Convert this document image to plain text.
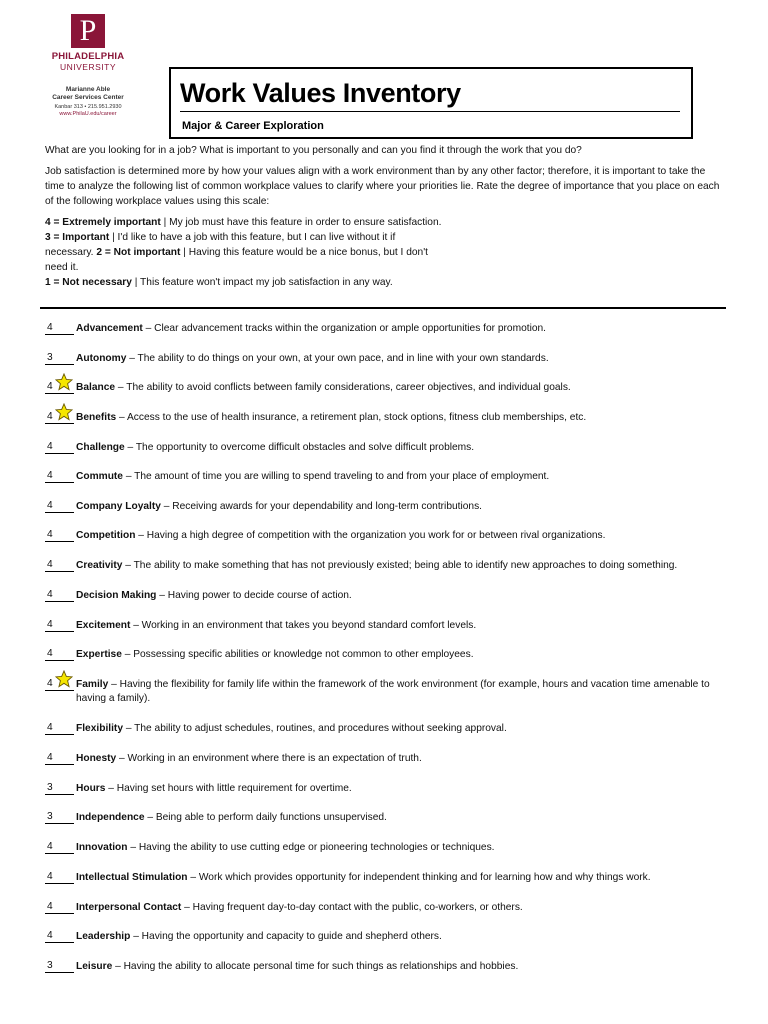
P
PHILADELPHIA
UNIVERSITY
Marianne Able
Career Services Center
Kanbar 313 • 215.951.2930
www.PhilaU.edu/career
Work Values Inventory
Major & Career Exploration

What are you looking for in a job? What is important to you personally and can you find it through the work that you do?

Job satisfaction is determined more by how your values align with a work environment than by any other factor; therefore, it is important to take the time to analyze the following list of common workplace values to clarify where your priorities lie. Rate the degree of importance that you place on each of the following workplace values using this scale:

4 = Extremely important | My job must have this feature in order to ensure satisfaction.
3 = Important | I'd like to have a job with this feature, but I can live without it if necessary. 2 = Not important | Having this feature would be a nice bonus, but I don't need it.
1 = Not necessary | This feature won't impact my job satisfaction in any way.
4	Advancement – Clear advancement tracks within the organization or ample opportunities for promotion.
3	Autonomy – The ability to do things on your own, at your own pace, and in line with your own standards.
4	Balance – The ability to avoid conflicts between family considerations, career objectives, and individual goals.
4	Benefits – Access to the use of health insurance, a retirement plan, stock options, fitness club memberships, etc.
4	Challenge – The opportunity to overcome difficult obstacles and solve difficult problems.
4	Commute – The amount of time you are willing to spend traveling to and from your place of employment.
4	Company Loyalty – Receiving awards for your dependability and long-term contributions.
4	Competition – Having a high degree of competition with the organization you work for or between rival organizations.
4	Creativity – The ability to make something that has not previously existed; being able to identify new approaches to doing something.
4	Decision Making – Having power to decide course of action.
4	Excitement – Working in an environment that takes you beyond standard comfort levels.
4	Expertise – Possessing specific abilities or knowledge not common to other employees.
4	Family – Having the flexibility for family life within the framework of the work environment (for example, hours and vacation time amenable to having a family).
4	Flexibility – The ability to adjust schedules, routines, and procedures without seeking approval.
4	Honesty – Working in an environment where there is an expectation of truth.
3	Hours – Having set hours with little requirement for overtime.
3	Independence – Being able to perform daily functions unsupervised.
4	Innovation – Having the ability to use cutting edge or pioneering technologies or techniques.
4	Intellectual Stimulation – Work which provides opportunity for independent thinking and for learning how and why things work.
4	Interpersonal Contact – Having frequent day-to-day contact with the public, co-workers, or others.
4	Leadership – Having the opportunity and capacity to guide and shepherd others.
3	Leisure – Having the ability to allocate personal time for such things as relationships and hobbies.
